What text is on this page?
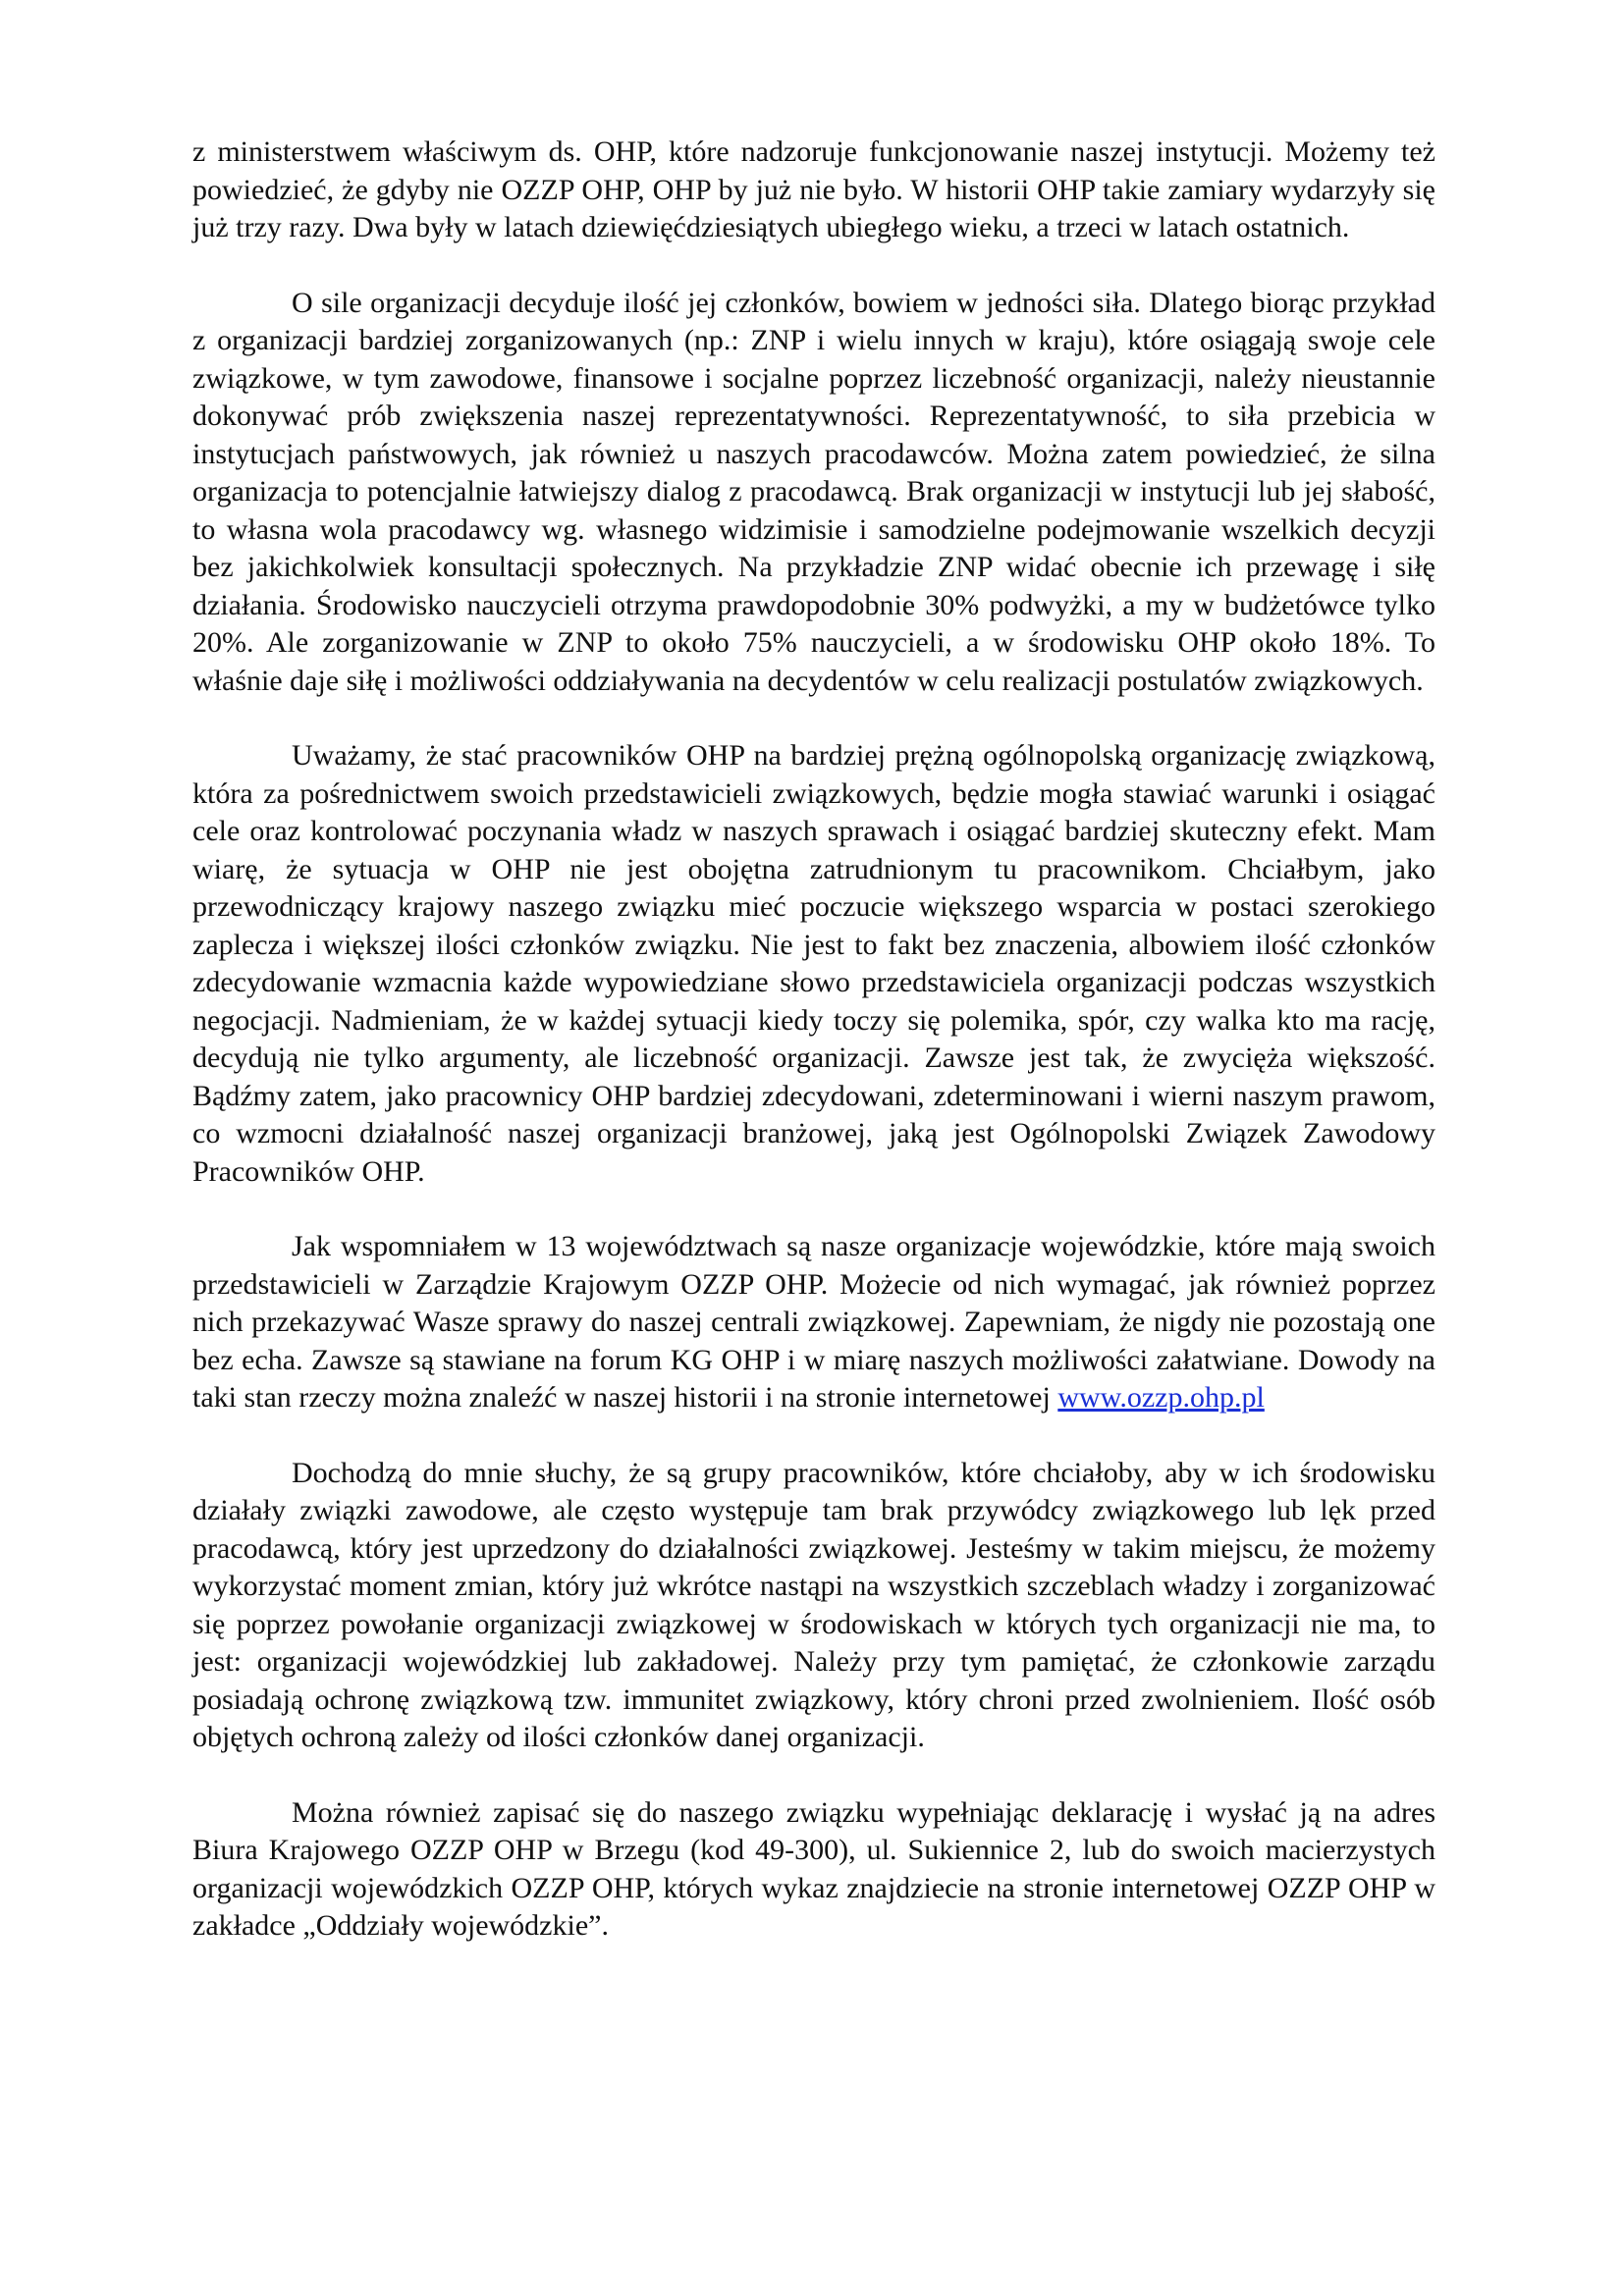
z ministerstwem właściwym ds. OHP, które nadzoruje funkcjonowanie naszej instytucji. Możemy też powiedzieć, że gdyby nie OZZP OHP, OHP by już nie było. W historii OHP takie zamiary wydarzyły się już trzy razy. Dwa były w latach dziewięćdziesiątych ubiegłego wieku, a trzeci w latach ostatnich.

O sile organizacji decyduje ilość jej członków, bowiem w jedności siła. Dlatego biorąc przykład z organizacji bardziej zorganizowanych (np.: ZNP i wielu innych w kraju), które osiągają swoje cele związkowe, w tym zawodowe, finansowe i socjalne poprzez liczebność organizacji, należy nieustannie dokonywać prób zwiększenia naszej reprezentatywności. Reprezentatywność, to siła przebicia w instytucjach państwowych, jak również u naszych pracodawców. Można zatem powiedzieć, że silna organizacja to potencjalnie łatwiejszy dialog z pracodawcą. Brak organizacji w instytucji lub jej słabość, to własna wola pracodawcy wg. własnego widzimisie i samodzielne podejmowanie wszelkich decyzji bez jakichkolwiek konsultacji społecznych. Na przykładzie ZNP widać obecnie ich przewagę i siłę działania. Środowisko nauczycieli otrzyma prawdopodobnie 30% podwyżki, a my w budżetówce tylko 20%. Ale zorganizowanie w ZNP to około 75% nauczycieli, a w środowisku OHP około 18%. To właśnie daje siłę i możliwości oddziaływania na decydentów w celu realizacji postulatów związkowych.

Uważamy, że stać pracowników OHP na bardziej prężną ogólnopolską organizację związkową, która za pośrednictwem swoich przedstawicieli związkowych, będzie mogła stawiać warunki i osiągać cele oraz kontrolować poczynania władz w naszych sprawach i osiągać bardziej skuteczny efekt. Mam wiarę, że sytuacja w OHP nie jest obojętna zatrudnionym tu pracownikom. Chciałbym, jako przewodniczący krajowy naszego związku mieć poczucie większego wsparcia w postaci szerokiego zaplecza i większej ilości członków związku. Nie jest to fakt bez znaczenia, albowiem ilość członków zdecydowanie wzmacnia każde wypowiedziane słowo przedstawiciela organizacji podczas wszystkich negocjacji. Nadmieniam, że w każdej sytuacji kiedy toczy się polemika, spór, czy walka kto ma rację, decydują nie tylko argumenty, ale liczebność organizacji. Zawsze jest tak, że zwycięża większość. Bądźmy zatem, jako pracownicy OHP bardziej zdecydowani, zdeterminowani i wierni naszym prawom, co wzmocni działalność naszej organizacji branżowej, jaką jest Ogólnopolski Związek Zawodowy Pracowników OHP.

Jak wspomniałem w 13 województwach są nasze organizacje wojewódzkie, które mają swoich przedstawicieli w Zarządzie Krajowym OZZP OHP. Możecie od nich wymagać, jak również poprzez nich przekazywać Wasze sprawy do naszej centrali związkowej. Zapewniam, że nigdy nie pozostają one bez echa. Zawsze są stawiane na forum KG OHP i w miarę naszych możliwości załatwiane. Dowody na taki stan rzeczy można znaleźć w naszej historii i na stronie internetowej www.ozzp.ohp.pl

Dochodzą do mnie słuchy, że są grupy pracowników, które chciałoby, aby w ich środowisku działały związki zawodowe, ale często występuje tam brak przywódcy związkowego lub lęk przed pracodawcą, który jest uprzedzony do działalności związkowej. Jesteśmy w takim miejscu, że możemy wykorzystać moment zmian, który już wkrótce nastąpi na wszystkich szczeblach władzy i zorganizować się poprzez powołanie organizacji związkowej w środowiskach w których tych organizacji nie ma, to jest: organizacji wojewódzkiej lub zakładowej. Należy przy tym pamiętać, że członkowie zarządu posiadają ochronę związkową tzw. immunitet związkowy, który chroni przed zwolnieniem. Ilość osób objętych ochroną zależy od ilości członków danej organizacji.

Można również zapisać się do naszego związku wypełniając deklarację i wysłać ją na adres Biura Krajowego OZZP OHP w Brzegu (kod 49-300), ul. Sukiennice 2, lub do swoich macierzystych organizacji wojewódzkich OZZP OHP, których wykaz znajdziecie na stronie internetowej OZZP OHP w zakładce „Oddziały wojewódzkie”.
